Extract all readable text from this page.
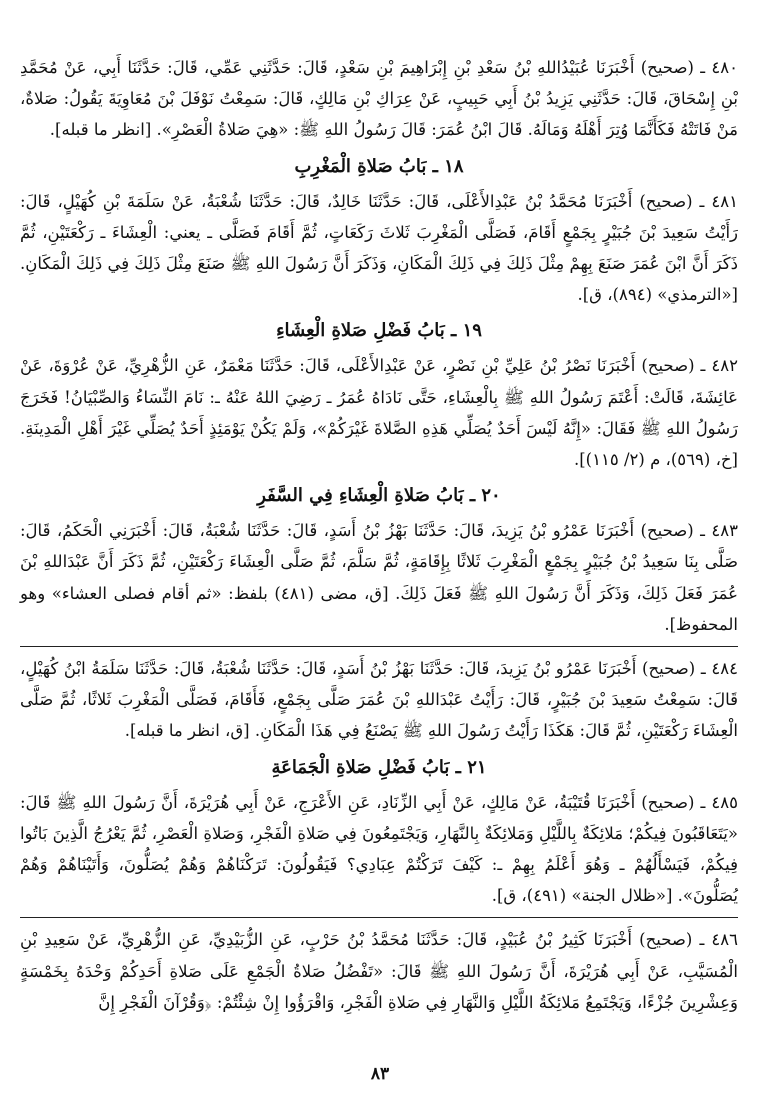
٤٨٠ ـ (صحيح) أَخْبَرَنَا عُبَيْدُاللهِ بْنُ سَعْدِ بْنِ إِبْرَاهِيمَ بْنِ سَعْدٍ، قَالَ: حَدَّثَنِي عَمِّي، قَالَ: حَدَّثَنَا أَبِي، عَنْ مُحَمَّدِ بْنِ إِسْحَاقَ، قَالَ: حَدَّثَنِي يَزِيدُ بْنُ أَبِي حَبِيبٍ، عَنْ عِرَاكِ بْنِ مَالِكٍ، قَالَ: سَمِعْتُ نَوْفَلَ بْنَ مُعَاوِيَةَ يَقُولُ: صَلاةٌ، مَنْ فَاتَتْهُ فَكَأَنَّمَا وُتِرَ أَهْلَهُ وَمَالَهُ. قَالَ ابْنُ عُمَرَ: قَالَ رَسُولُ اللهِ ﷺ: «هِيَ صَلاةُ الْعَصْرِ». [انظر ما قبله].

١٨ ـ بَابُ صَلاةِ الْمَغْرِبِ

٤٨١ ـ (صحيح) أَخْبَرَنَا مُحَمَّدُ بْنُ عَبْدِالأَعْلَى، قَالَ: حَدَّثَنَا خَالِدٌ، قَالَ: حَدَّثَنَا شُعْبَةُ، عَنْ سَلَمَةَ بْنِ كُهَيْلٍ، قَالَ: رَأَيْتُ سَعِيدَ بْنَ جُبَيْرٍ بِجَمْعٍ أَقَامَ، فَصَلَّى الْمَغْرِبَ ثَلاثَ رَكَعَاتٍ، ثُمَّ أَقَامَ فَصَلَّى ـ يعني: الْعِشَاءَ ـ رَكْعَتَيْنِ، ثُمَّ ذَكَرَ أَنَّ ابْنَ عُمَرَ صَنَعَ بِهِمْ مِثْلَ ذَلِكَ فِي ذَلِكَ الْمَكَانِ، وَذَكَرَ أَنَّ رَسُولَ اللهِ ﷺ صَنَعَ مِثْلَ ذَلِكَ فِي ذَلِكَ الْمَكَانِ. [«الترمذي» (٨٩٤)، ق].

١٩ ـ بَابُ فَضْلِ صَلاةِ الْعِشَاءِ

٤٨٢ ـ (صحيح) أَخْبَرَنَا نَصْرُ بْنُ عَلِيِّ بْنِ نَصْرٍ، عَنْ عَبْدِالأَعْلَى، قَالَ: حَدَّثَنَا مَعْمَرٌ، عَنِ الزُّهْرِيِّ، عَنْ عُرْوَةَ، عَنْ عَائِشَةَ، قَالَتْ: أَعْتَمَ رَسُولُ اللهِ ﷺ بِالْعِشَاءِ، حَتَّى نَادَاهُ عُمَرُ ـ رَضِيَ اللهُ عَنْهُ ـ: نَامَ النِّسَاءُ وَالصِّبْيَانُ! فَخَرَجَ رَسُولُ اللهِ ﷺ فَقَالَ: «إِنَّهُ لَيْسَ أَحَدٌ يُصَلِّي هَذِهِ الصَّلاةَ غَيْرَكُمْ»، وَلَمْ يَكُنْ يَوْمَئِذٍ أَحَدٌ يُصَلِّي غَيْرَ أَهْلِ الْمَدِينَةِ. [خ، (٥٦٩)، م (٢/ ١١٥)].

٢٠ ـ بَابُ صَلاةِ الْعِشَاءِ فِي السَّفَرِ

٤٨٣ ـ (صحيح) أَخْبَرَنَا عَمْرُو بْنُ يَزِيدَ، قَالَ: حَدَّثَنَا بَهْزُ بْنُ أَسَدٍ، قَالَ: حَدَّثَنَا شُعْبَةُ، قَالَ: أَخْبَرَنِي الْحَكَمُ، قَالَ: صَلَّى بِنَا سَعِيدُ بْنُ جُبَيْرٍ بِجَمْعٍ الْمَغْرِبَ ثَلاثًا بِإِقَامَةٍ، ثُمَّ سَلَّمَ، ثُمَّ صَلَّى الْعِشَاءَ رَكْعَتَيْنِ، ثُمَّ ذَكَرَ أَنَّ عَبْدَاللهِ بْنَ عُمَرَ فَعَلَ ذَلِكَ، وَذَكَرَ أَنَّ رَسُولَ اللهِ ﷺ فَعَلَ ذَلِكَ. [ق، مضى (٤٨١) بلفظ: «ثم أقام فصلى العشاء» وهو المحفوظ].

٤٨٤ ـ (صحيح) أَخْبَرَنَا عَمْرُو بْنُ يَزِيدَ، قَالَ: حَدَّثَنَا بَهْزُ بْنُ أَسَدٍ، قَالَ: حَدَّثَنَا شُعْبَةُ، قَالَ: حَدَّثَنَا سَلَمَةُ ابْنُ كُهَيْلٍ، قَالَ: سَمِعْتُ سَعِيدَ بْنَ جُبَيْرٍ، قَالَ: رَأَيْتُ عَبْدَاللهِ بْنَ عُمَرَ صَلَّى بِجَمْعٍ، فَأَقَامَ، فَصَلَّى الْمَغْرِبَ ثَلاثًا، ثُمَّ صَلَّى الْعِشَاءَ رَكْعَتَيْنِ، ثُمَّ قَالَ: هَكَذَا رَأَيْتُ رَسُولَ اللهِ ﷺ يَصْنَعُ فِي هَذَا الْمَكَانِ. [ق، انظر ما قبله].

٢١ ـ بَابُ فَضْلِ صَلاةِ الْجَمَاعَةِ

٤٨٥ ـ (صحيح) أَخْبَرَنَا قُتَيْبَةُ، عَنْ مَالِكٍ، عَنْ أَبِي الزِّنَادِ، عَنِ الأَعْرَجِ، عَنْ أَبِي هُرَيْرَةَ، أَنَّ رَسُولَ اللهِ ﷺ قَالَ: «يَتَعَاقَبُونَ فِيكُمْ؛ مَلائِكَةٌ بِاللَّيْلِ وَمَلائِكَةٌ بِالنَّهَارِ، وَيَجْتَمِعُونَ فِي صَلاةِ الْفَجْرِ، وَصَلاةِ الْعَصْرِ، ثُمَّ يَعْرُجُ الَّذِينَ بَاتُوا فِيكُمْ، فَيَسْأَلُهُمْ ـ وَهُوَ أَعْلَمُ بِهِمْ ـ: كَيْفَ تَرَكْتُمْ عِبَادِي؟ فَيَقُولُونَ: تَرَكْنَاهُمْ وَهُمْ يُصَلُّونَ، وَأَتَيْنَاهُمْ وَهُمْ يُصَلُّونَ». [«ظلال الجنة» (٤٩١)، ق].

٤٨٦ ـ (صحيح) أَخْبَرَنَا كَثِيرُ بْنُ عُبَيْدٍ، قَالَ: حَدَّثَنَا مُحَمَّدُ بْنُ حَرْبٍ، عَنِ الزُّبَيْدِيِّ، عَنِ الزُّهْرِيِّ، عَنْ سَعِيدِ بْنِ الْمُسَيَّبِ، عَنْ أَبِي هُرَيْرَةَ، أَنَّ رَسُولَ اللهِ ﷺ قَالَ: «تَفْضُلُ صَلاةُ الْجَمْعِ عَلَى صَلاةِ أَحَدِكُمْ وَحْدَهُ بِخَمْسَةٍ وَعِشْرِينَ جُزْءًا، وَيَجْتَمِعُ مَلائِكَةُ اللَّيْلِ وَالنَّهَارِ فِي صَلاةِ الْفَجْرِ، وَاقْرَؤُوا إِنْ شِئْتُمْ: ﴿وَقُرْآنَ الْفَجْرِ إِنَّ

٨٣
